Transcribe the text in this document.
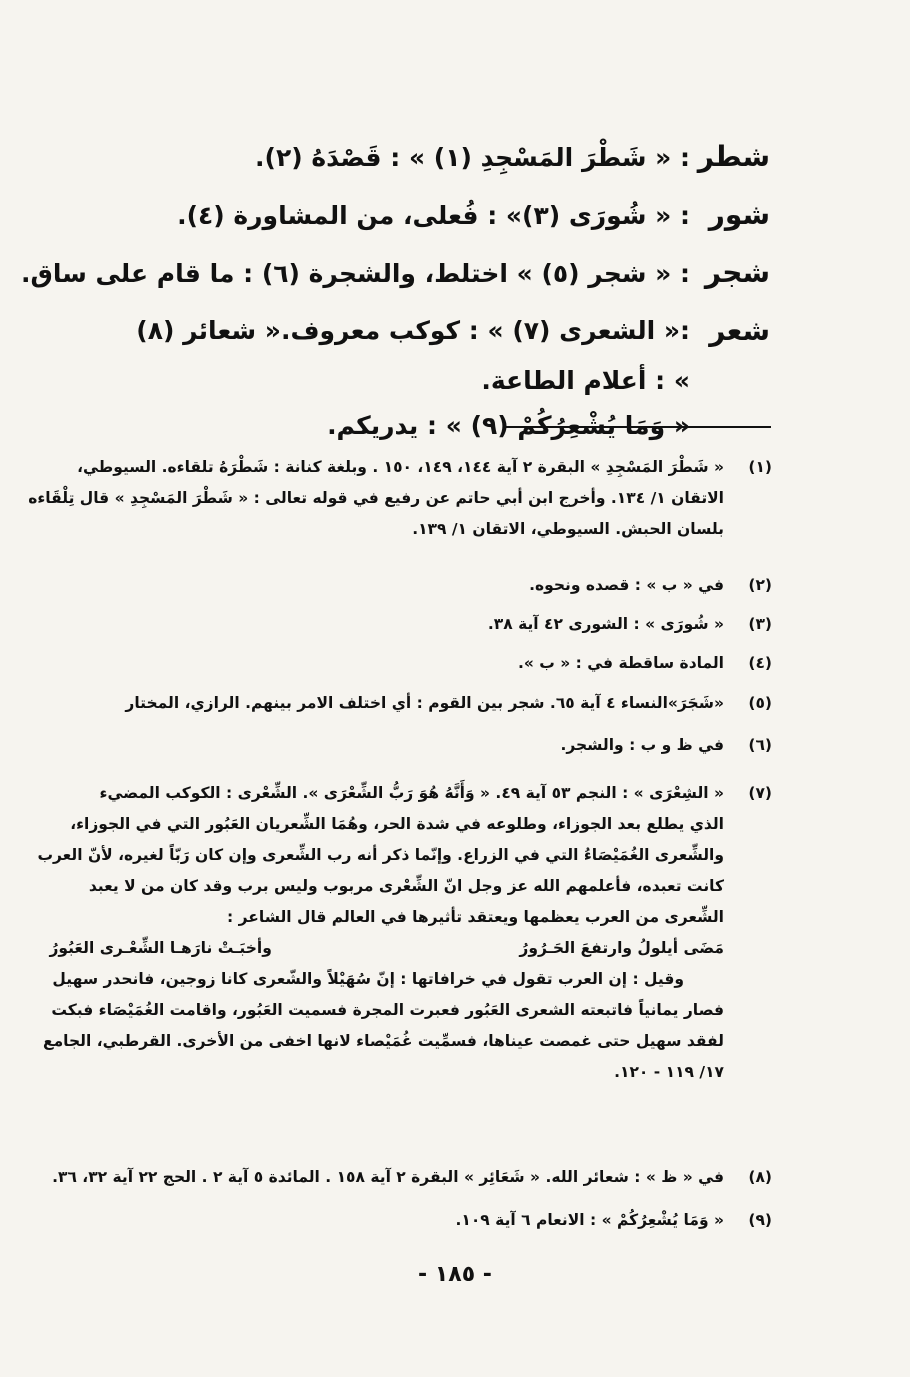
شطر
: « شَطْرَ المَسْجِدِ (١) » : قَصْدَهُ (٢).
شور
: « شُورَى (٣)» : فُعلى، من المشاورة (٤).
شجر
: « شجر (٥) » اختلط، والشجرة (٦) : ما قام على ساق.
شعر
:« الشعرى (٧) » : كوكب معروف.« شعائر (٨) » : أعلام الطاعة.
« وَمَا يُشْعِرُكُمْ (٩) » : يدريكم.
(١)
« شَطْرَ المَسْجِدِ » البقرة ٢ آية ١٤٤، ١٤٩، ١٥٠ . وبلغة كنانة : شَطْرَهُ تلقاءه. السيوطي،
الاتقان ١/ ١٣٤. وأخرج ابن أبي حاتم عن رفيع في قوله تعالى : « شَطْرَ المَسْجِدِ » قال تِلْقَاءه
بلسان الحبش. السيوطي، الاتقان ١/ ١٣٩.
(٢)
في « ب » : قصده ونحوه.
(٣)
« شُورَى » : الشورى ٤٢ آية ٣٨.
(٤)
المادة ساقطة في : « ب ».
(٥)
«شَجَرَ»النساء ٤ آية ٦٥. شجر بين القوم : أي اختلف الامر بينهم. الرازي، المختار
(٦)
في ظ و ب : والشجر.
(٧)
« الشِعْرَى » : النجم ٥٣ آية ٤٩. « وَأَنَّهُ هُوَ رَبُّ الشِّعْرَى ». الشِّعْرى : الكوكب المضيء
الذي يطلع بعد الجوزاء، وطلوعه في شدة الحر، وهُمَا الشِّعريان العَبُور التي في الجوزاء،
والشِّعرى الغُمَيْصَاءُ التي في الزراع. وإنّما ذكر أنه رب الشِّعرى وإن كان رَبّاً لغيره، لأنّ العرب
كانت تعبده، فأعلمهم الله عز وجل انّ الشِّعْرى مربوب وليس برب وقد كان من لا يعبد
الشِّعرى من العرب يعظمها ويعتقد تأثيرها في العالم قال الشاعر :
مَضَى أيلولُ وارتفعَ الحَـرُورُ
وأخبَـتْ نارَهـا الشِّعْـرى العَبُورُ
وقيل : إن العرب تقول في خرافاتها : إنّ سُهَيْلاً والشّعرى كانا زوجين، فانحدر سهيل
فصار يمانياً فاتبعته الشعرى العَبُور فعبرت المجرة فسميت العَبُور، واقامت الغُمَيْصَاء فبكت
لفقد سهيل حتى غمصت عيناها، فسمِّيت غُمَيْصاء لانها اخفى من الأخرى. القرطبي، الجامع
١٧/ ١١٩ - ١٢٠.
(٨)
في « ظ » : شعائر الله. « شَعَائِر » البقرة ٢ آية ١٥٨ . المائدة ٥ آية ٢ . الحج ٢٢ آية ٣٢، ٣٦.
(٩)
« وَمَا يُشْعِرُكُمْ » : الانعام ٦ آية ١٠٩.
- ١٨٥ -
